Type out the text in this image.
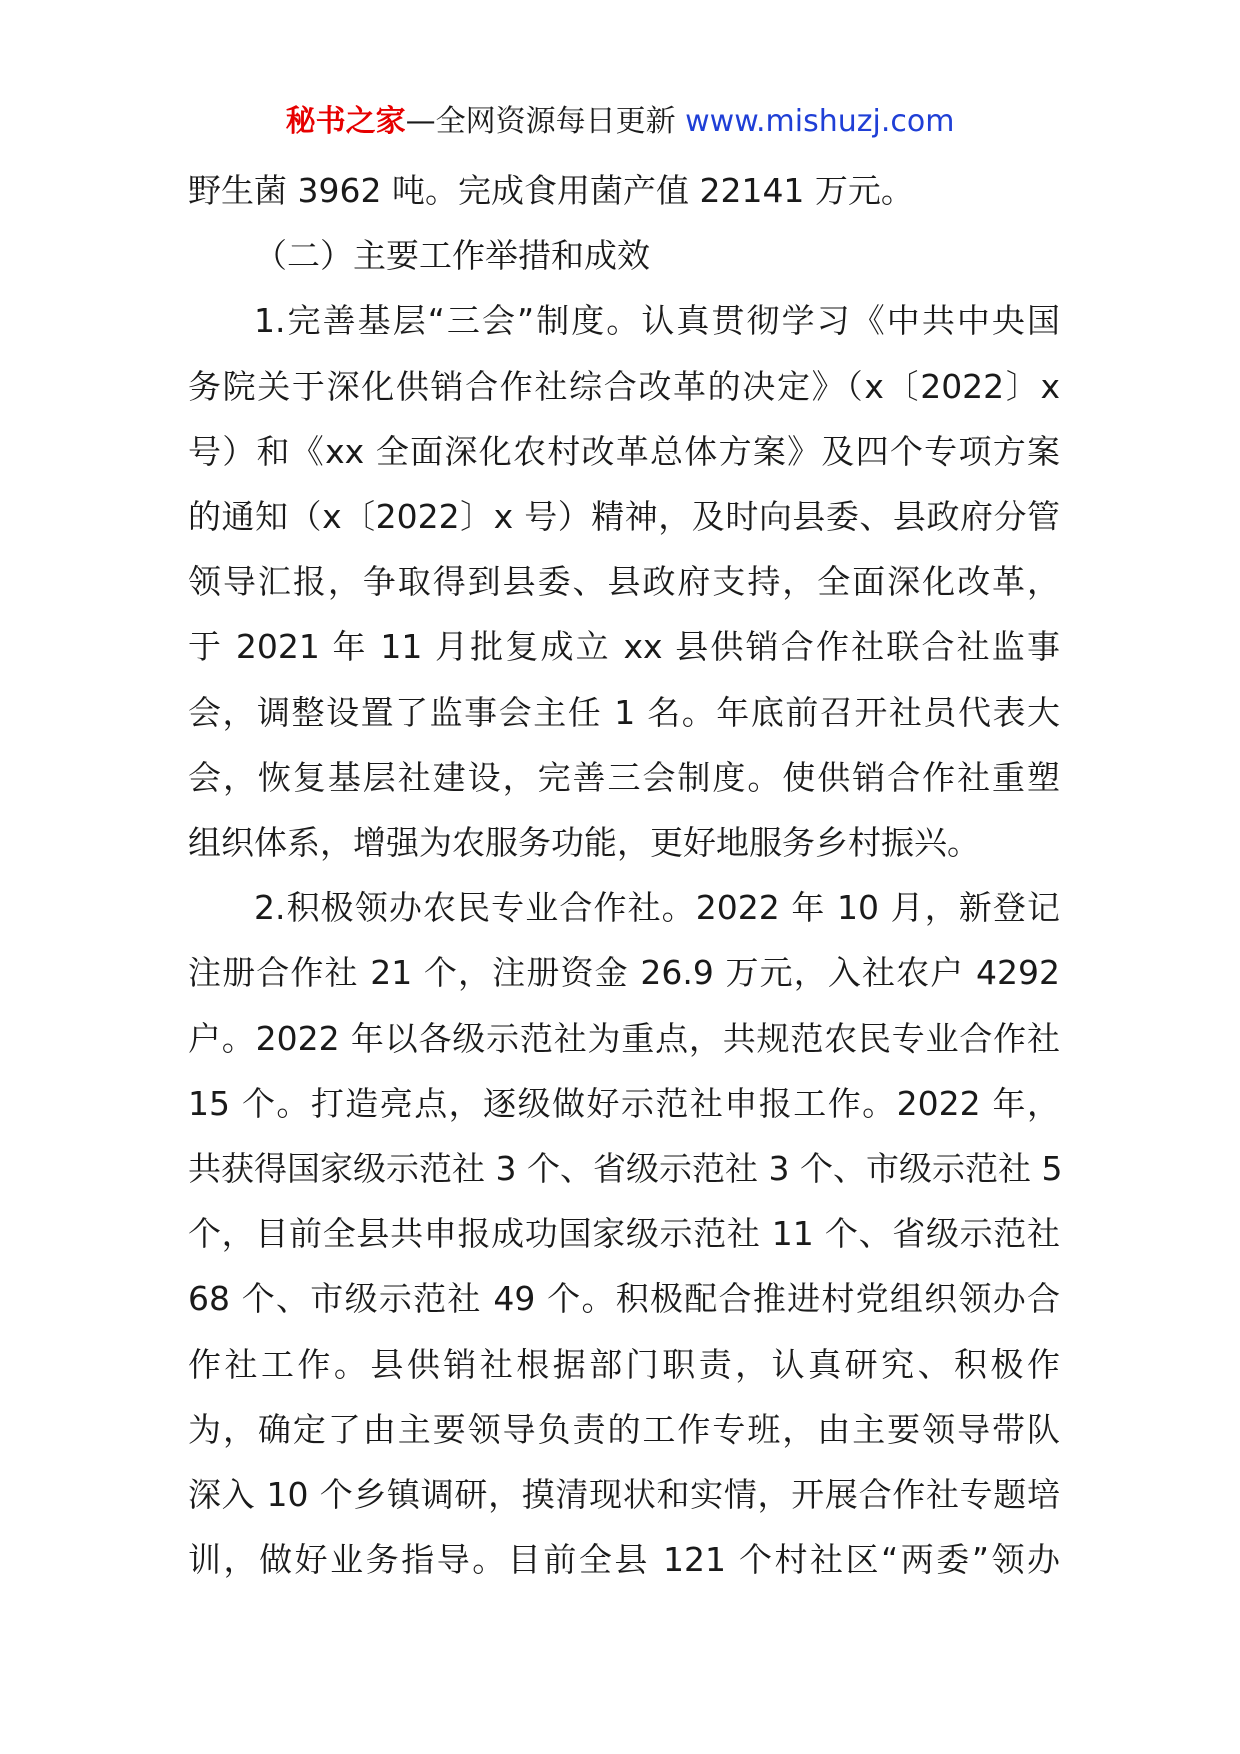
秘书之家—全网资源每日更新 www.mishuzj.com

野生菌 3962 吨。完成食用菌产值 22141 万元。

（二）主要工作举措和成效

1.完善基层“三会”制度。认真贯彻学习《中共中央国
务院关于深化供销合作社综合改革的决定》（x〔2022〕x
号）和《xx 全面深化农村改革总体方案》及四个专项方案
的通知（x〔2022〕x 号）精神，及时向县委、县政府分管
领导汇报，争取得到县委、县政府支持，全面深化改革，
于 2021 年 11 月批复成立 xx 县供销合作社联合社监事
会，调整设置了监事会主任 1 名。年底前召开社员代表大
会，恢复基层社建设，完善三会制度。使供销合作社重塑
组织体系，增强为农服务功能，更好地服务乡村振兴。

2.积极领办农民专业合作社。2022 年 10 月，新登记
注册合作社 21 个，注册资金 26.9 万元，入社农户 4292
户。2022 年以各级示范社为重点，共规范农民专业合作社
15 个。打造亮点，逐级做好示范社申报工作。2022 年，
共获得国家级示范社 3 个、省级示范社 3 个、市级示范社 5
个，目前全县共申报成功国家级示范社 11 个、省级示范社
68 个、市级示范社 49 个。积极配合推进村党组织领办合
作社工作。县供销社根据部门职责，认真研究、积极作
为，确定了由主要领导负责的工作专班，由主要领导带队
深入 10 个乡镇调研，摸清现状和实情，开展合作社专题培
训，做好业务指导。目前全县 121 个村社区“两委”领办
